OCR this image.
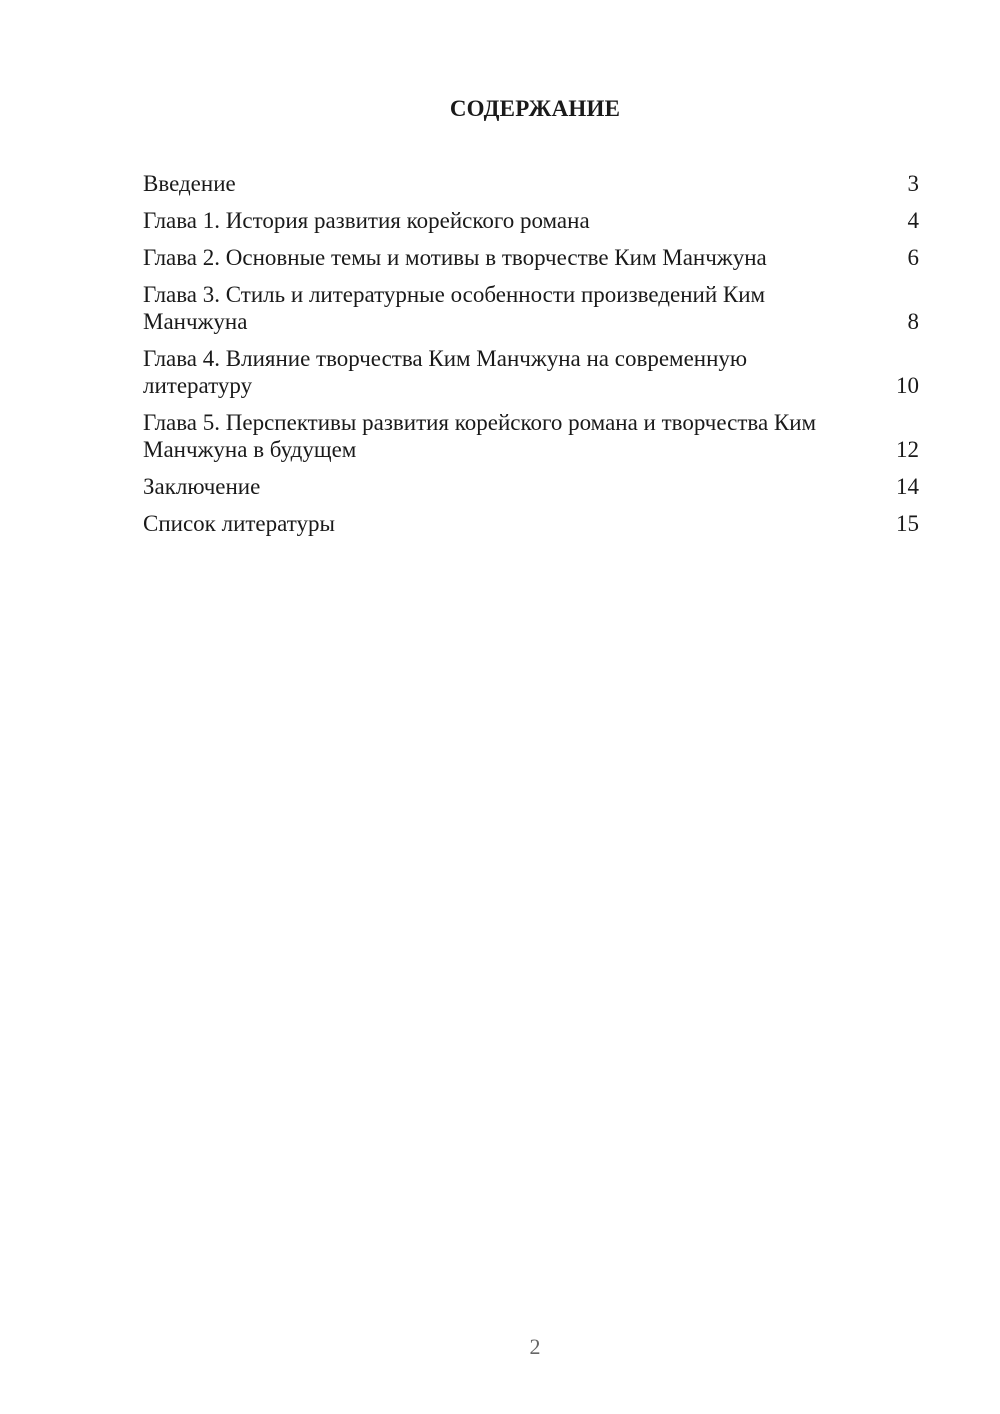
СОДЕРЖАНИЕ
Введение	3
Глава 1. История развития корейского романа	4
Глава 2. Основные темы и мотивы в творчестве Ким Манчжуна	6
Глава 3. Стиль и литературные особенности произведений Ким Манчжуна	8
Глава 4. Влияние творчества Ким Манчжуна на современную литературу	10
Глава 5. Перспективы развития корейского романа и творчества Ким Манчжуна в будущем	12
Заключение	14
Список литературы	15
2
